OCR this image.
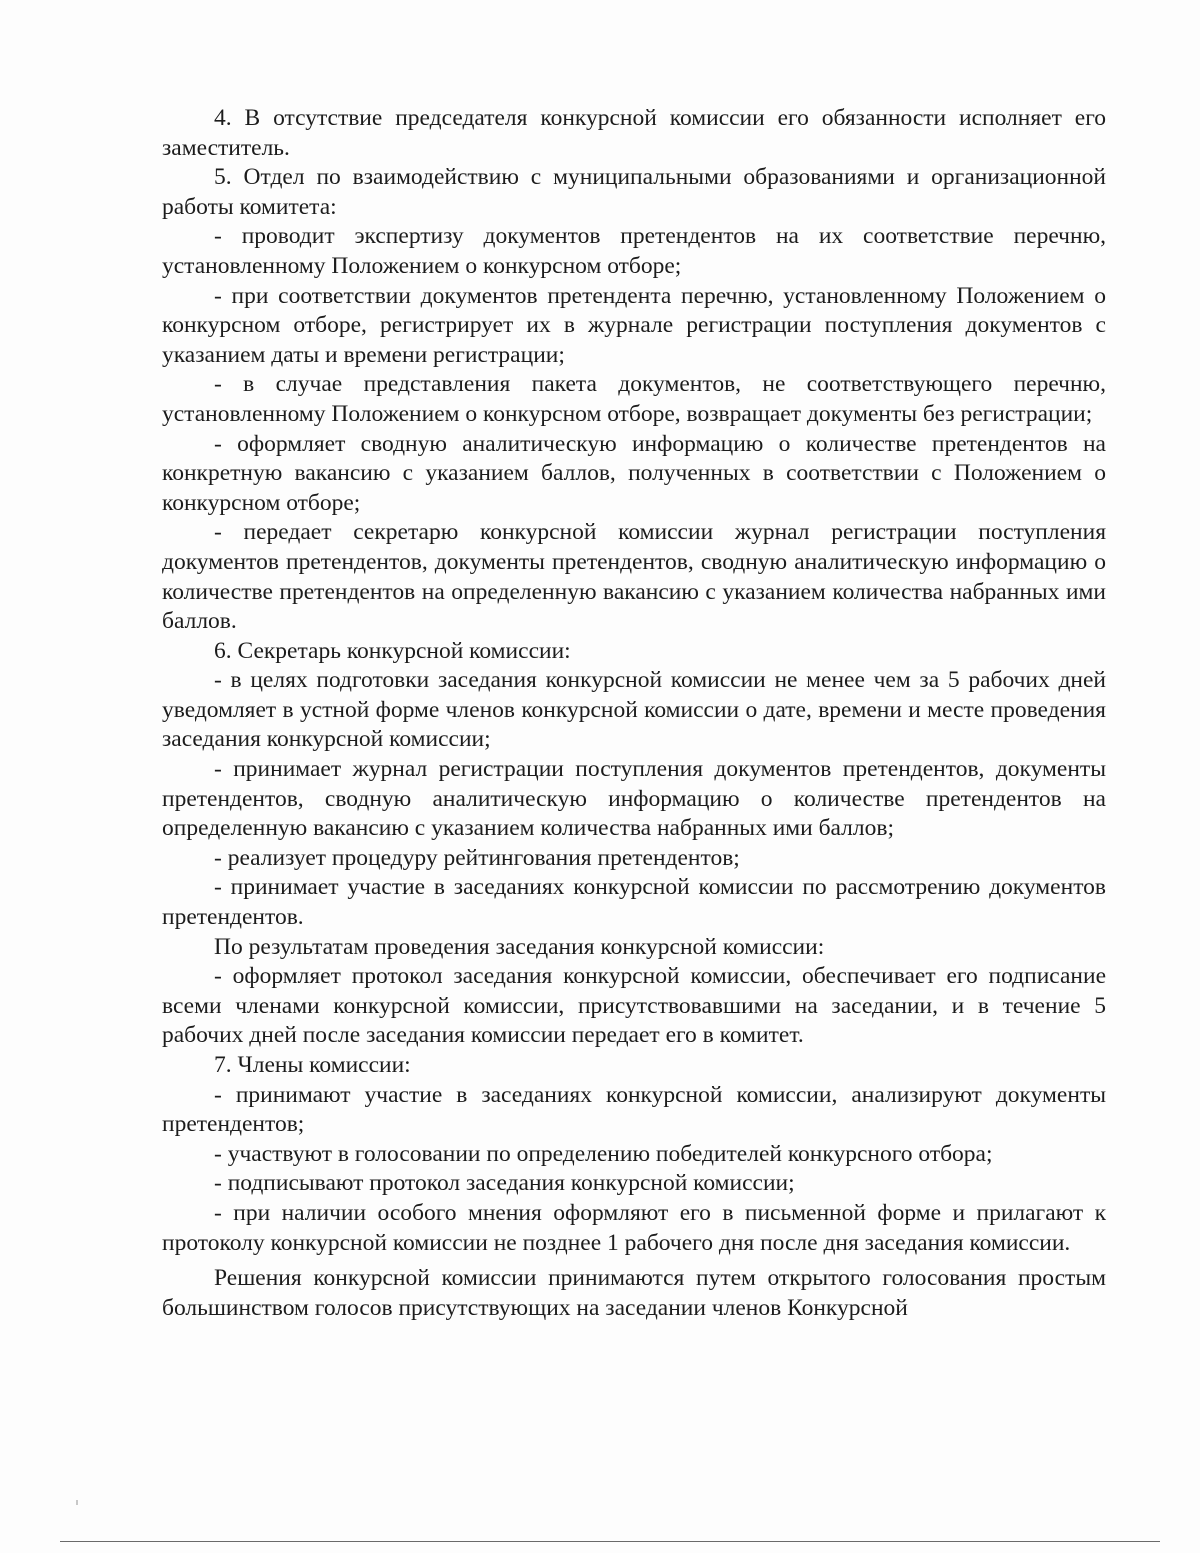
4. В отсутствие председателя конкурсной комиссии его обязанности исполняет его заместитель.

5. Отдел по взаимодействию с муниципальными образованиями и организационной работы комитета:

- проводит экспертизу документов претендентов на их соответствие перечню, установленному Положением о конкурсном отборе;

- при соответствии документов претендента перечню, установленному Положением о конкурсном отборе, регистрирует их в журнале регистрации поступления документов с указанием даты и времени регистрации;

- в случае представления пакета документов, не соответствующего перечню, установленному Положением о конкурсном отборе, возвращает документы без регистрации;

- оформляет сводную аналитическую информацию о количестве претендентов на конкретную вакансию с указанием баллов, полученных в соответствии с Положением о конкурсном отборе;

- передает секретарю конкурсной комиссии журнал регистрации поступления документов претендентов, документы претендентов, сводную аналитическую информацию о количестве претендентов на определенную вакансию с указанием количества набранных ими баллов.

6. Секретарь конкурсной комиссии:

- в целях подготовки заседания конкурсной комиссии не менее чем за 5 рабочих дней уведомляет в устной форме членов конкурсной комиссии о дате, времени и месте проведения заседания конкурсной комиссии;

- принимает журнал регистрации поступления документов претендентов, документы претендентов, сводную аналитическую информацию о количестве претендентов на определенную вакансию с указанием количества набранных ими баллов;

- реализует процедуру рейтингования претендентов;

- принимает участие в заседаниях конкурсной комиссии по рассмотрению документов претендентов.

По результатам проведения заседания конкурсной комиссии:

- оформляет протокол заседания конкурсной комиссии, обеспечивает его подписание всеми членами конкурсной комиссии, присутствовавшими на заседании, и в течение 5 рабочих дней после заседания комиссии передает его в комитет.

7. Члены комиссии:

- принимают участие в заседаниях конкурсной комиссии, анализируют документы претендентов;

- участвуют в голосовании по определению победителей конкурсного отбора;

- подписывают протокол заседания конкурсной комиссии;

- при наличии особого мнения оформляют его в письменной форме и прилагают к протоколу конкурсной комиссии не позднее 1 рабочего дня после дня заседания комиссии.

Решения конкурсной комиссии принимаются путем открытого голосования простым большинством голосов присутствующих на заседании членов Конкурсной
